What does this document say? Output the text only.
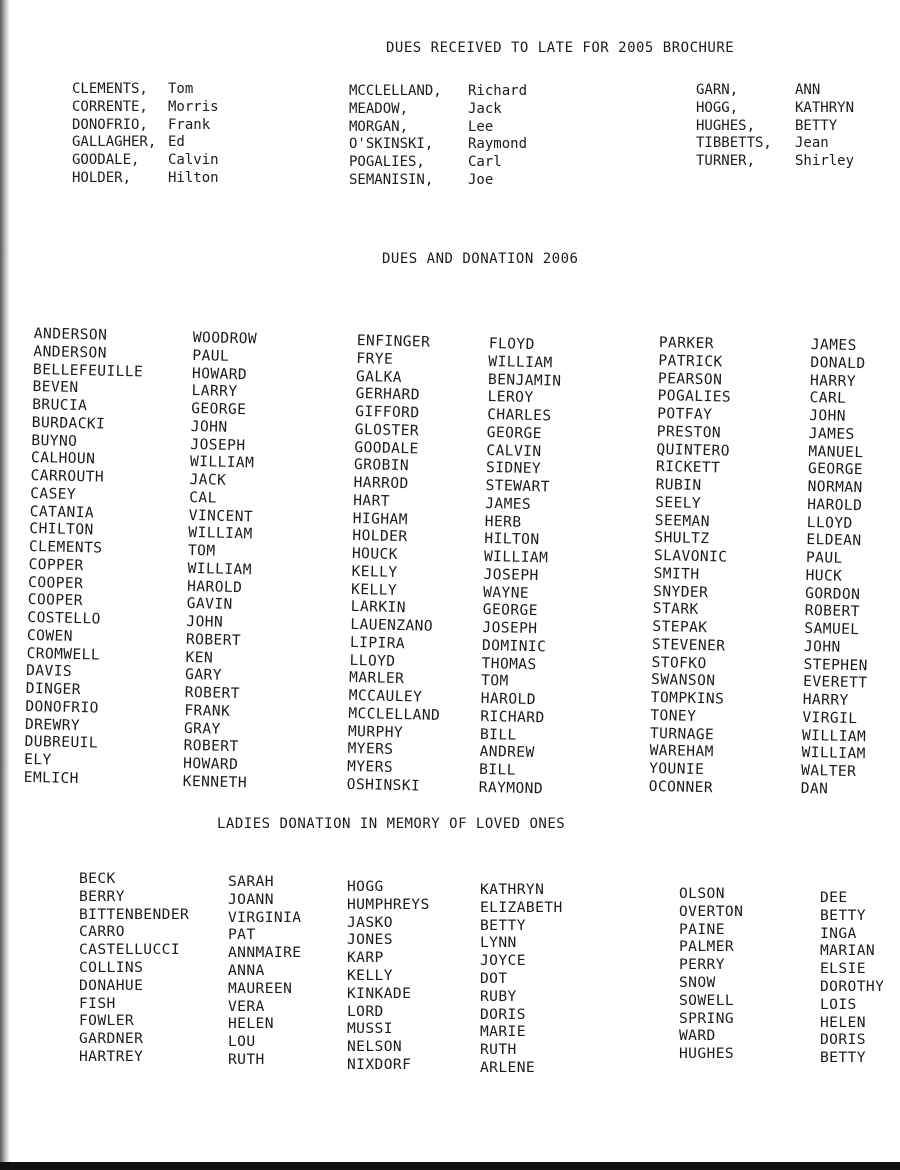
DUES RECEIVED TO LATE FOR 2005 BROCHURE
CLEMENTS,
CORRENTE,
DONOFRIO,
GALLAGHER,
GOODALE,
HOLDER,
Tom
Morris
Frank
Ed
Calvin
Hilton
MCCLELLAND,
MEADOW,
MORGAN,
O'SKINSKI,
POGALIES,
SEMANISIN,
Richard
Jack
Lee
Raymond
Carl
Joe
GARN,
HOGG,
HUGHES,
TIBBETTS,
TURNER,
ANN
KATHRYN
BETTY
Jean
Shirley
DUES AND DONATION 2006
ANDERSON
ANDERSON
BELLEFEUILLE
BEVEN
BRUCIA
BURDACKI
BUYNO
CALHOUN
CARROUTH
CASEY
CATANIA
CHILTON
CLEMENTS
COPPER
COOPER
COOPER
COSTELLO
COWEN
CROMWELL
DAVIS
DINGER
DONOFRIO
DREWRY
DUBREUIL
ELY
EMLICH
WOODROW
PAUL
HOWARD
LARRY
GEORGE
JOHN
JOSEPH
WILLIAM
JACK
CAL
VINCENT
WILLIAM
TOM
WILLIAM
HAROLD
GAVIN
JOHN
ROBERT
KEN
GARY
ROBERT
FRANK
GRAY
ROBERT
HOWARD
KENNETH
ENFINGER
FRYE
GALKA
GERHARD
GIFFORD
GLOSTER
GOODALE
GROBIN
HARROD
HART
HIGHAM
HOLDER
HOUCK
KELLY
KELLY
LARKIN
LAUENZANO
LIPIRA
LLOYD
MARLER
MCCAULEY
MCCLELLAND
MURPHY
MYERS
MYERS
OSHINSKI
FLOYD
WILLIAM
BENJAMIN
LEROY
CHARLES
GEORGE
CALVIN
SIDNEY
STEWART
JAMES
HERB
HILTON
WILLIAM
JOSEPH
WAYNE
GEORGE
JOSEPH
DOMINIC
THOMAS
TOM
HAROLD
RICHARD
BILL
ANDREW
BILL
RAYMOND
PARKER
PATRICK
PEARSON
POGALIES
POTFAY
PRESTON
QUINTERO
RICKETT
RUBIN
SEELY
SEEMAN
SHULTZ
SLAVONIC
SMITH
SNYDER
STARK
STEPAK
STEVENER
STOFKO
SWANSON
TOMPKINS
TONEY
TURNAGE
WAREHAM
YOUNIE
OCONNER
JAMES
DONALD
HARRY
CARL
JOHN
JAMES
MANUEL
GEORGE
NORMAN
HAROLD
LLOYD
ELDEAN
PAUL
HUCK
GORDON
ROBERT
SAMUEL
JOHN
STEPHEN
EVERETT
HARRY
VIRGIL
WILLIAM
WILLIAM
WALTER
DAN
LADIES DONATION IN MEMORY OF LOVED ONES
BECK
BERRY
BITTENBENDER
CARRO
CASTELLUCCI
COLLINS
DONAHUE
FISH
FOWLER
GARDNER
HARTREY
SARAH
JOANN
VIRGINIA
PAT
ANNMAIRE
ANNA
MAUREEN
VERA
HELEN
LOU
RUTH
HOGG
HUMPHREYS
JASKO
JONES
KARP
KELLY
KINKADE
LORD
MUSSI
NELSON
NIXDORF
KATHRYN
ELIZABETH
BETTY
LYNN
JOYCE
DOT
RUBY
DORIS
MARIE
RUTH
ARLENE
OLSON
OVERTON
PAINE
PALMER
PERRY
SNOW
SOWELL
SPRING
WARD
HUGHES
DEE
BETTY
INGA
MARIAN
ELSIE
DOROTHY
LOIS
HELEN
DORIS
BETTY
